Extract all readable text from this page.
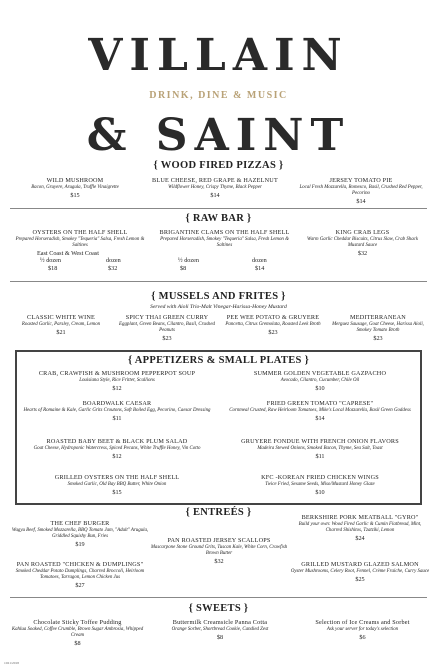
VILLAIN
DRINK, DINE & MUSIC
& SAINT
{ WOOD FIRED PIZZAS }
WILD MUSHROOM
Bacon, Gruyere, Arugula, Truffle Vinaigrette
$15
BLUE CHEESE, RED GRAPE & HAZELNUT
Wildflower Honey, Crispy Thyme, Black Pepper
$14
JERSEY TOMATO PIE
Local Fresh Mozzarella, Romesco, Basil, Crushed Red Pepper, Pecorino
$14
{ RAW BAR }
OYSTERS ON THE HALF SHELL
Prepared Horseradish, Smokey "Tequeria" Salsa, Fresh Lemon & Saltines
East Coast & West Coast
½ dozen	dozen
$18	$32
BRIGANTINE CLAMS ON THE HALF SHELL
Prepared Horseradish, Smokey "Tequeria" Salsa, Fresh Lemon & Saltines
½ dozen	dozen
$8	$14
KING CRAB LEGS
Warm Garlic Cheddar Biscuits, Citrus Slaw, Crab Shack Mustard Sauce
$32
{ MUSSELS AND FRITES }
Served with Aioli Trio-Malt Vinegar-Harissa-Honey Mustard
CLASSIC WHITE WINE
Roasted Garlic, Parsley, Cream, Lemon
$21
SPICY THAI GREEN CURRY
Eggplant, Green Beans, Cilantro, Basil, Crushed Peanuts
$23
PEE WEE POTATO & GRUYERE
Pancetta, Citrus Gremolata, Roasted Leek Broth
$23
MEDITERRANEAN
Merguez Sausage, Goat Cheese, Harissa Aioli, Smokey Tomato Broth
$23
{ APPETIZERS & SMALL PLATES }
CRAB, CRAWFISH & MUSHROOM PEPPERPOT SOUP
Louisiana Style, Rice Fritter, Scallions
$12
SUMMER GOLDEN VEGETABLE GAZPACHO
Avocado, Cilantro, Cucumber, Chile Oil
$10
BOARDWALK CAESAR
Hearts of Romaine & Kale, Garlic Grits Croutons, Soft Boiled Egg, Pecorino, Caesar Dressing
$11
FRIED GREEN TOMATO "CAPRESE"
Cornmeal Crusted, Raw Heirloom Tomatoes, Mike's Local Mozzarella, Basil Green Goddess
$14
ROASTED BABY BEET & BLACK PLUM SALAD
Goat Cheese, Hydroponic Watercress, Spiced Pecans, White Truffle Honey, Vin Cotto
$12
GRUYERE FONDUE WITH FRENCH ONION FLAVORS
Madeira Stewed Onions, Smoked Bacon, Thyme, Sea Salt, Toast
$11
GRILLED OYSTERS ON THE HALF SHELL
Smoked Garlic, Old Bay BBQ Butter, White Onion
$15
KFC -KOREAN FRIED CHICKEN WINGS
Twice Fried, Sesame Seeds, Miso/Mustard Honey Glaze
$10
{ ENTREÉS }
THE CHEF BURGER
Wagyu Beef, Smoked Mozzarella, BBQ Tomato Jam, "Adult" Arugula, Griddled Squishy Bun, Fries
$19
BERKSHIRE PORK MEATBALL "GYRO"
Build your own: Wood Fired Garlic & Cumin Flatbread, Mint, Charred Shishitos, Tzatziki, Lemon
$24
PAN ROASTED JERSEY SCALLOPS
Mascarpone Stone Ground Grits, Tuscan Kale, White Corn, Crawfish Brown Butter
$32
PAN ROASTED "CHICKEN & DUMPLINGS"
Smoked Cheddar Potato Dumplings, Charred Broccoli, Heirloom Tomatoes, Tarragon, Lemon Chicken Jus
$27
GRILLED MUSTARD GLAZED SALMON
Oyster Mushrooms, Celery Root, Fennel, Crème Fraiche, Curry Sauce
$25
{ SWEETS }
Chocolate Sticky Toffee Pudding
Kahlua Soaked, Coffee Crumble, Brown Sugar Ambrosia, Whipped Cream
$8
Buttermilk Creamsicle Panna Cotta
Orange Sorbet, Shortbread Cookie, Candied Zest
$8
Selection of Ice Creams and Sorbet
Ask your server for today's selection
$6
1021/2018
